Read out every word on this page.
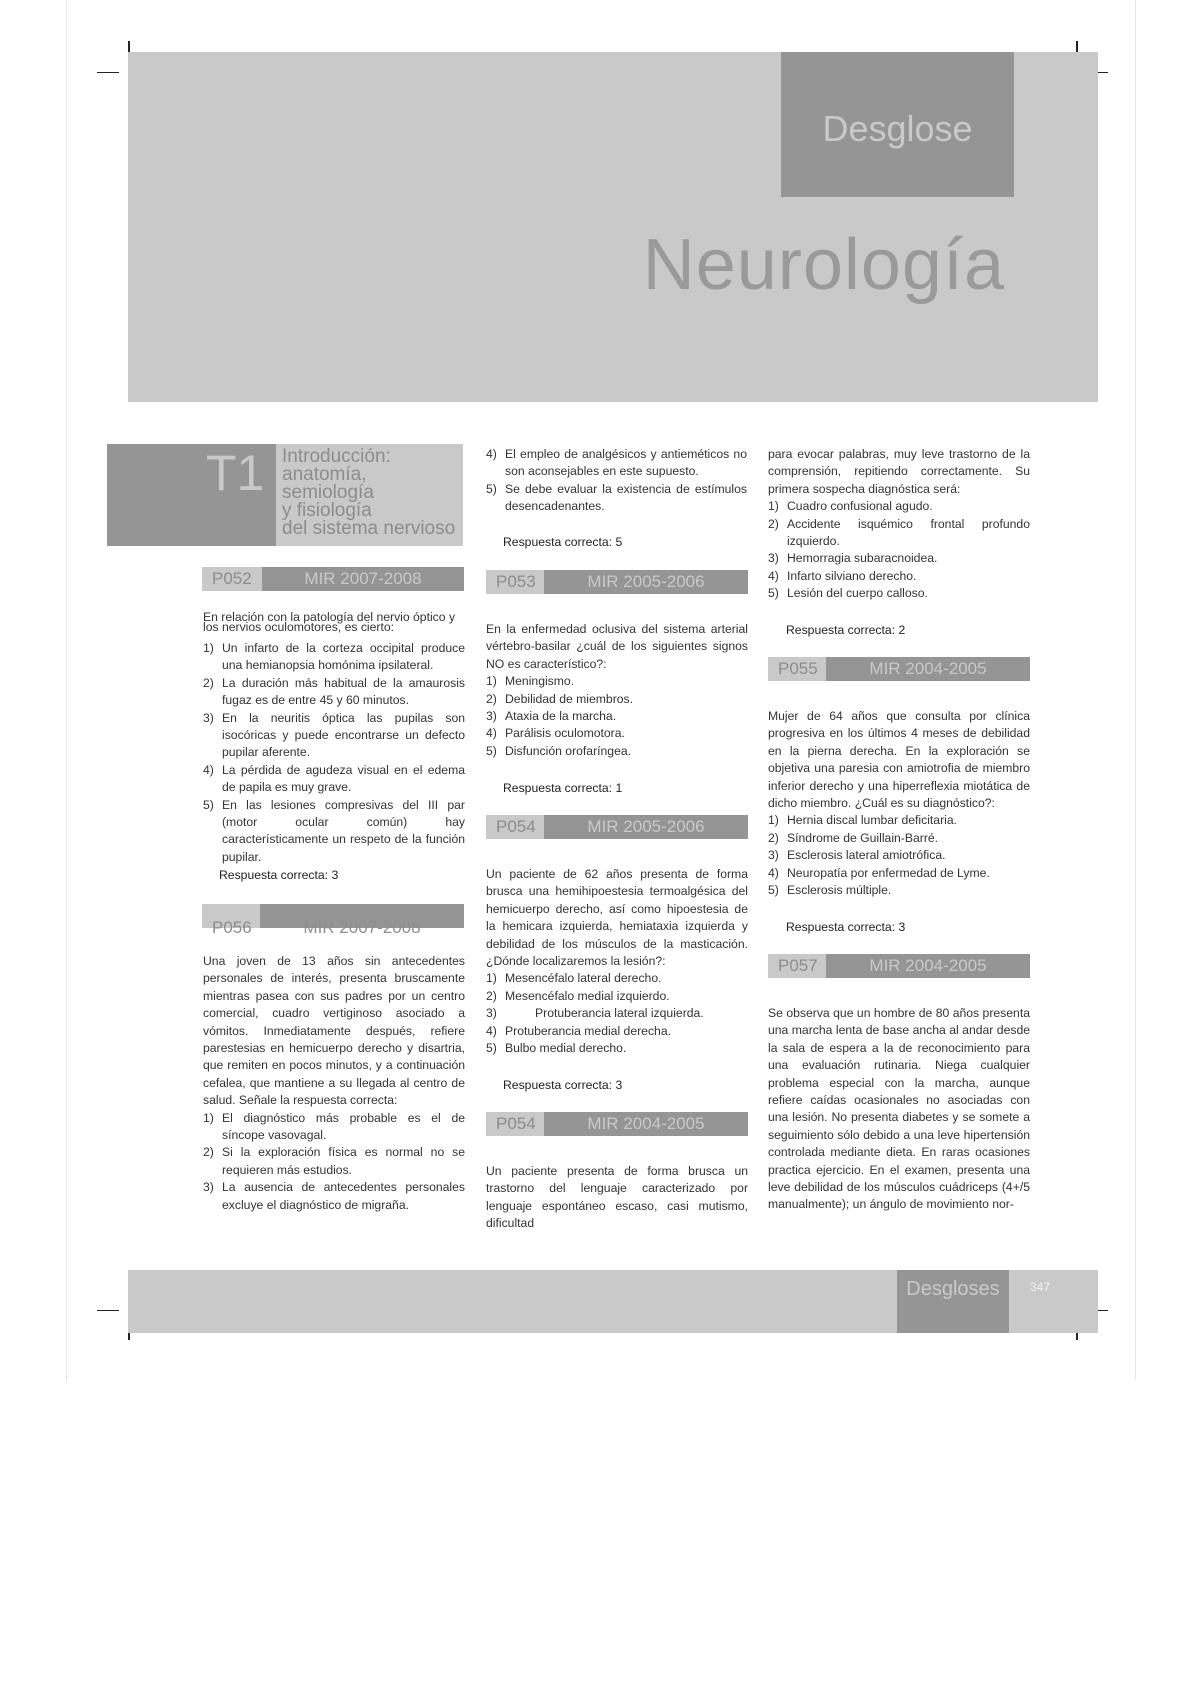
Desglose
Neurología
T1 Introducción:
anatomía,
semiología
y fisiología
del sistema nervioso
P052	MIR 2007-2008

En relación con la patología del nervio óptico y
los nervios oculomotores, es cierto:

1) Un infarto de la corteza occipital produce una hemianopsia homónima ipsilateral.
2) La duración más habitual de la amaurosis fugaz es de entre 45 y 60 minutos.
3) En la neuritis óptica las pupilas son isocóricas y puede encontrarse un defecto pupilar aferente.
4) La pérdida de agudeza visual en el edema de papila es muy grave.
5) En las lesiones compresivas del III par (motor ocular común) hay característicamente un respeto de la función pupilar.
Respuesta correcta: 3
P056	MIR 2007-2008

Una joven de 13 años sin antecedentes personales de interés, presenta bruscamente mientras pasea con sus padres por un centro comercial, cuadro vertiginoso asociado a vómitos. Inmediatamente después, refiere parestesias en hemicuerpo derecho y disartria, que remiten en pocos minutos, y a continuación cefalea, que mantiene a su llegada al centro de salud. Señale la respuesta correcta:

1) El diagnóstico más probable es el de síncope vasovagal.
2) Si la exploración física es normal no se requieren más estudios.
3) La ausencia de antecedentes personales excluye el diagnóstico de migraña.
4) El empleo de analgésicos y antieméticos no son aconsejables en este supuesto.
5) Se debe evaluar la existencia de estímulos desencadenantes.
Respuesta correcta: 5
P053	MIR 2005-2006

En la enfermedad oclusiva del sistema arterial vértebro-basilar ¿cuál de los siguientes signos NO es característico?:

1) Meningismo.
2) Debilidad de miembros.
3) Ataxia de la marcha.
4) Parálisis oculomotora.
5) Disfunción orofaríngea.
Respuesta correcta: 1
P054	MIR 2005-2006

Un paciente de 62 años presenta de forma brusca una hemihipoestesia termoalgésica del hemicuerpo derecho, así como hipoestesia de la hemicara izquierda, hemiataxia izquierda y debilidad de los músculos de la masticación. ¿Dónde localizaremos la lesión?:

1) Mesencéfalo lateral derecho.
2) Mesencéfalo medial izquierdo.
3)	Protuberancia lateral izquierda.
4) Protuberancia medial derecha.
5) Bulbo medial derecho.
Respuesta correcta: 3
P054	MIR 2004-2005

Un paciente presenta de forma brusca un trastorno del lenguaje caracterizado por lenguaje espontáneo escaso, casi mutismo, dificultad

para evocar palabras, muy leve trastorno de la comprensión, repitiendo correctamente. Su primera sospecha diagnóstica será:

1) Cuadro confusional agudo.
2) Accidente isquémico frontal profundo izquierdo.
3) Hemorragia subaracnoidea.
4) Infarto silviano derecho.
5) Lesión del cuerpo calloso.
Respuesta correcta: 2
P055	MIR 2004-2005

Mujer de 64 años que consulta por clínica progresiva en los últimos 4 meses de debilidad en la pierna derecha. En la exploración se objetiva una paresia con amiotrofia de miembro inferior derecho y una hiperreflexia miotática de dicho miembro. ¿Cuál es su diagnóstico?:

1) Hernia discal lumbar deficitaria.
2) Síndrome de Guillain-Barré.
3) Esclerosis lateral amiotrófica.
4) Neuropatía por enfermedad de Lyme.
5) Esclerosis múltiple.
Respuesta correcta: 3
P057	MIR 2004-2005

Se observa que un hombre de 80 años presenta una marcha lenta de base ancha al andar desde la sala de espera a la de reconocimiento para una evaluación rutinaria. Niega cualquier problema especial con la marcha, aunque refiere caídas ocasionales no asociadas con una lesión. No presenta diabetes y se somete a seguimiento sólo debido a una leve hipertensión controlada mediante dieta. En raras ocasiones practica ejercicio. En el examen, presenta una leve debilidad de los músculos cuádriceps (4+/5 manualmente); un ángulo de movimiento nor-

Desgloses	347
